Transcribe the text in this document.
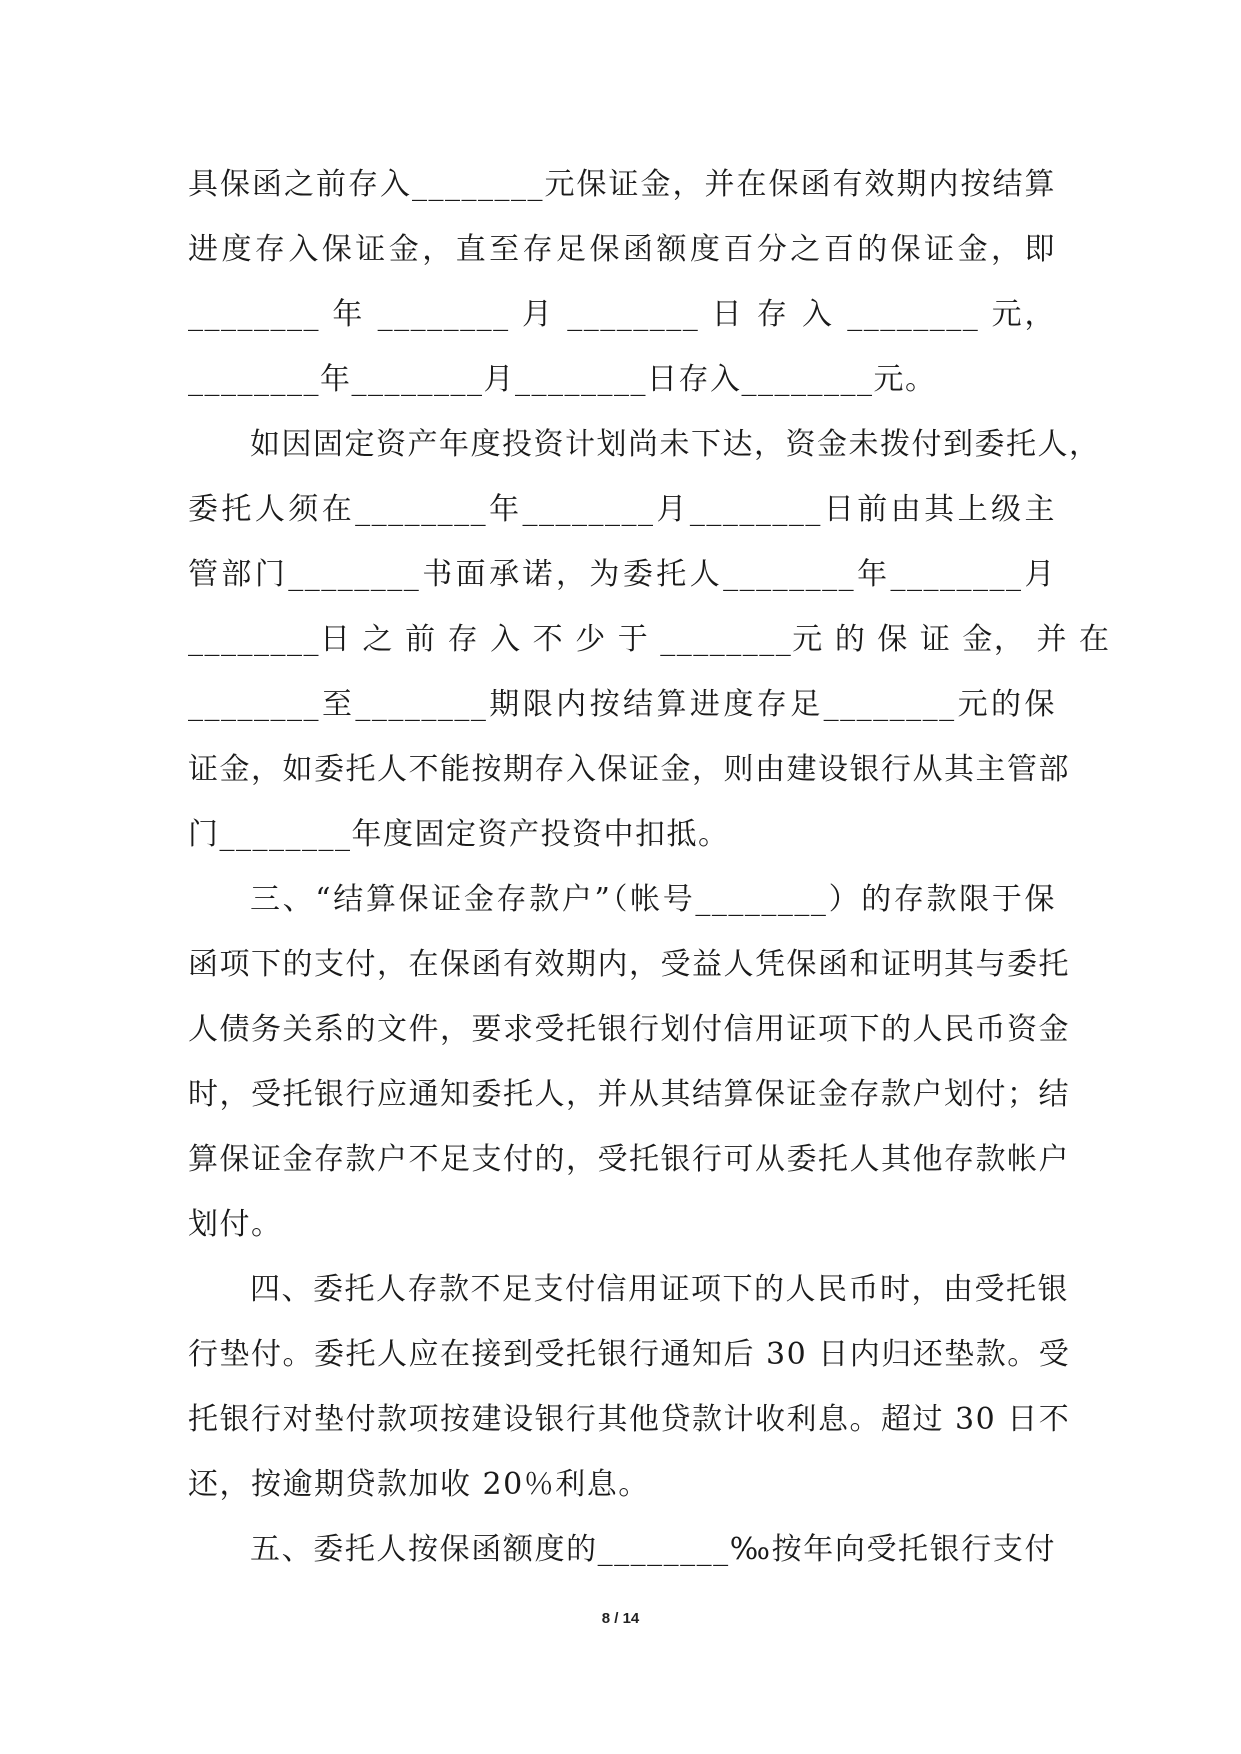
具保函之前存入________元保证金，并在保函有效期内按结算
进度存入保证金，直至存足保函额度百分之百的保证金，即
________ 年 ________ 月 ________ 日 存 入 ________ 元，
________年________月________日存入________元。
如因固定资产年度投资计划尚未下达，资金未拨付到委托人，
委托人须在________年________月________日前由其上级主
管部门________书面承诺，为委托人________年________月
________日 之 前 存 入 不 少 于 ________元 的 保 证 金， 并 在
________至________期限内按结算进度存足________元的保
证金，如委托人不能按期存入保证金，则由建设银行从其主管部
门________年度固定资产投资中扣抵。
三、“结算保证金存款户”（帐号________）的存款限于保
函项下的支付，在保函有效期内，受益人凭保函和证明其与委托
人债务关系的文件，要求受托银行划付信用证项下的人民币资金
时，受托银行应通知委托人，并从其结算保证金存款户划付；结
算保证金存款户不足支付的，受托银行可从委托人其他存款帐户
划付。
四、委托人存款不足支付信用证项下的人民币时，由受托银
行垫付。委托人应在接到受托银行通知后 30 日内归还垫款。受
托银行对垫付款项按建设银行其他贷款计收利息。超过 30 日不
还，按逾期贷款加收 20％利息。
五、委托人按保函额度的________‰按年向受托银行支付
8 / 14
